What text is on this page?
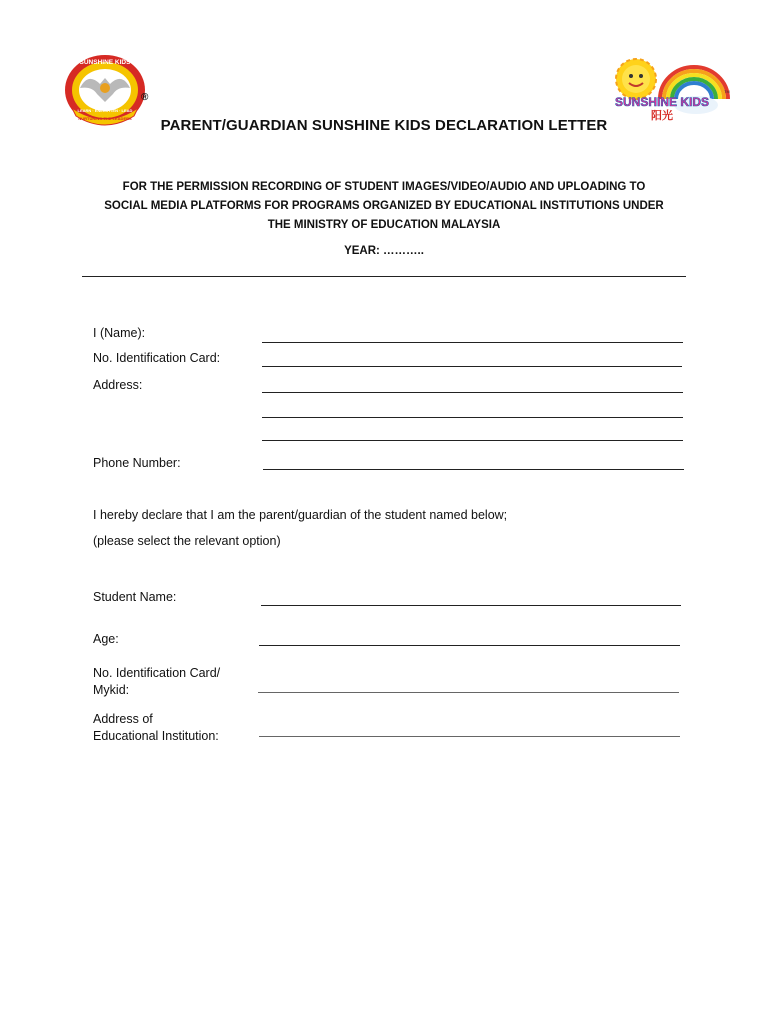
SUNSHINE KIDS
NURTURING THE LEADERS
LEARN · ENLIGHTEN · LEAD
®	SUNSHINE KIDS
阳光
TM
PARENT/GUARDIAN SUNSHINE KIDS DECLARATION LETTER
FOR THE PERMISSION RECORDING OF STUDENT IMAGES/VIDEO/AUDIO AND UPLOADING TO
SOCIAL MEDIA PLATFORMS FOR PROGRAMS ORGANIZED BY EDUCATIONAL INSTITUTIONS UNDER
THE MINISTRY OF EDUCATION MALAYSIA
YEAR: ………..
I (Name):
No. Identification Card:
Address:
Phone Number:
I hereby declare that I am the parent/guardian of the student named below;
(please select the relevant option)
Student Name:
Age:
No. Identification Card/
Mykid:
Address of
Educational Institution:
